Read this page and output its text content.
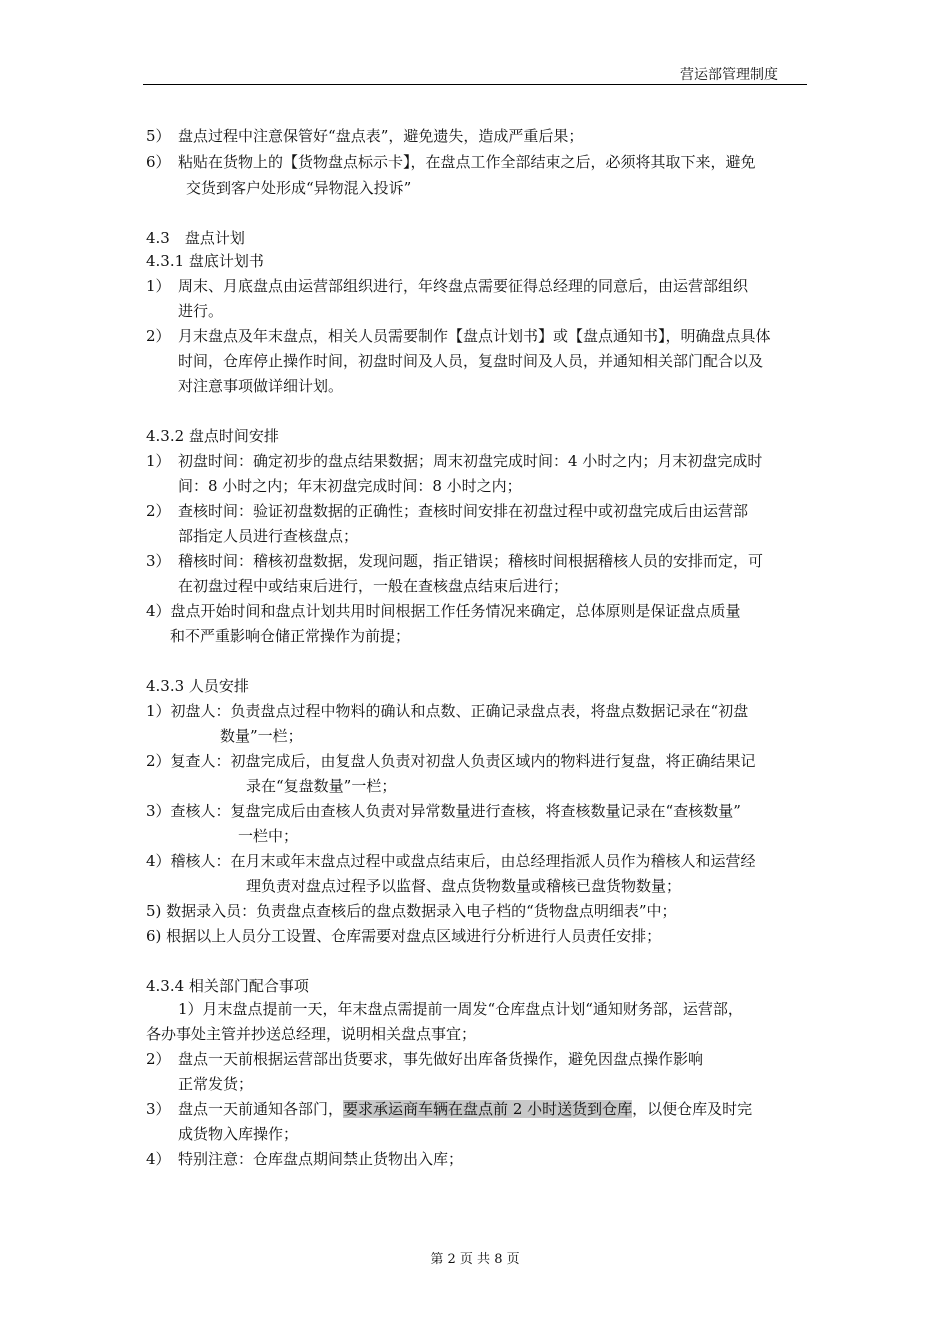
营运部管理制度
5）　盘点过程中注意保管好“盘点表”，避免遗失，造成严重后果；
6）　粘贴在货物上的【货物盘点标示卡】，在盘点工作全部结束之后，必须将其取下来，避免
交货到客户处形成“异物混入投诉”
4.3　盘点计划
4.3.1 盘底计划书
1）　周末、月底盘点由运营部组织进行，年终盘点需要征得总经理的同意后，由运营部组织
进行。
2）　月末盘点及年末盘点，相关人员需要制作【盘点计划书】或【盘点通知书】，明确盘点具体
时间，仓库停止操作时间，初盘时间及人员，复盘时间及人员，并通知相关部门配合以及
对注意事项做详细计划。
4.3.2 盘点时间安排
1）　初盘时间：确定初步的盘点结果数据；周末初盘完成时间：4 小时之内；月末初盘完成时
间：8 小时之内；年末初盘完成时间：8 小时之内；
2）　查核时间：验证初盘数据的正确性；查核时间安排在初盘过程中或初盘完成后由运营部
部指定人员进行查核盘点；
3）　稽核时间：稽核初盘数据，发现问题，指正错误；稽核时间根据稽核人员的安排而定，可
在初盘过程中或结束后进行，一般在查核盘点结束后进行；
4）盘点开始时间和盘点计划共用时间根据工作任务情况来确定，总体原则是保证盘点质量
和不严重影响仓储正常操作为前提；
4.3.3 人员安排
1）初盘人：负责盘点过程中物料的确认和点数、正确记录盘点表，将盘点数据记录在“初盘
数量”一栏；
2）复查人：初盘完成后，由复盘人负责对初盘人负责区域内的物料进行复盘，将正确结果记
录在“复盘数量”一栏；
3）查核人：复盘完成后由查核人负责对异常数量进行查核，将查核数量记录在“查核数量”
一栏中；
4）稽核人：在月末或年末盘点过程中或盘点结束后，由总经理指派人员作为稽核人和运营经
理负责对盘点过程予以监督、盘点货物数量或稽核已盘货物数量；
5) 数据录入员：负责盘点查核后的盘点数据录入电子档的“货物盘点明细表”中；
6) 根据以上人员分工设置、仓库需要对盘点区域进行分析进行人员责任安排；
4.3.4 相关部门配合事项
1）月末盘点提前一天，年末盘点需提前一周发“仓库盘点计划“通知财务部，运营部，
各办事处主管并抄送总经理，说明相关盘点事宜；
2）　盘点一天前根据运营部出货要求，事先做好出库备货操作，避免因盘点操作影响
正常发货；
3）　盘点一天前通知各部门，要求承运商车辆在盘点前 2 小时送货到仓库，以便仓库及时完
成货物入库操作；
4）　特别注意：仓库盘点期间禁止货物出入库；
第 2 页 共 8 页
